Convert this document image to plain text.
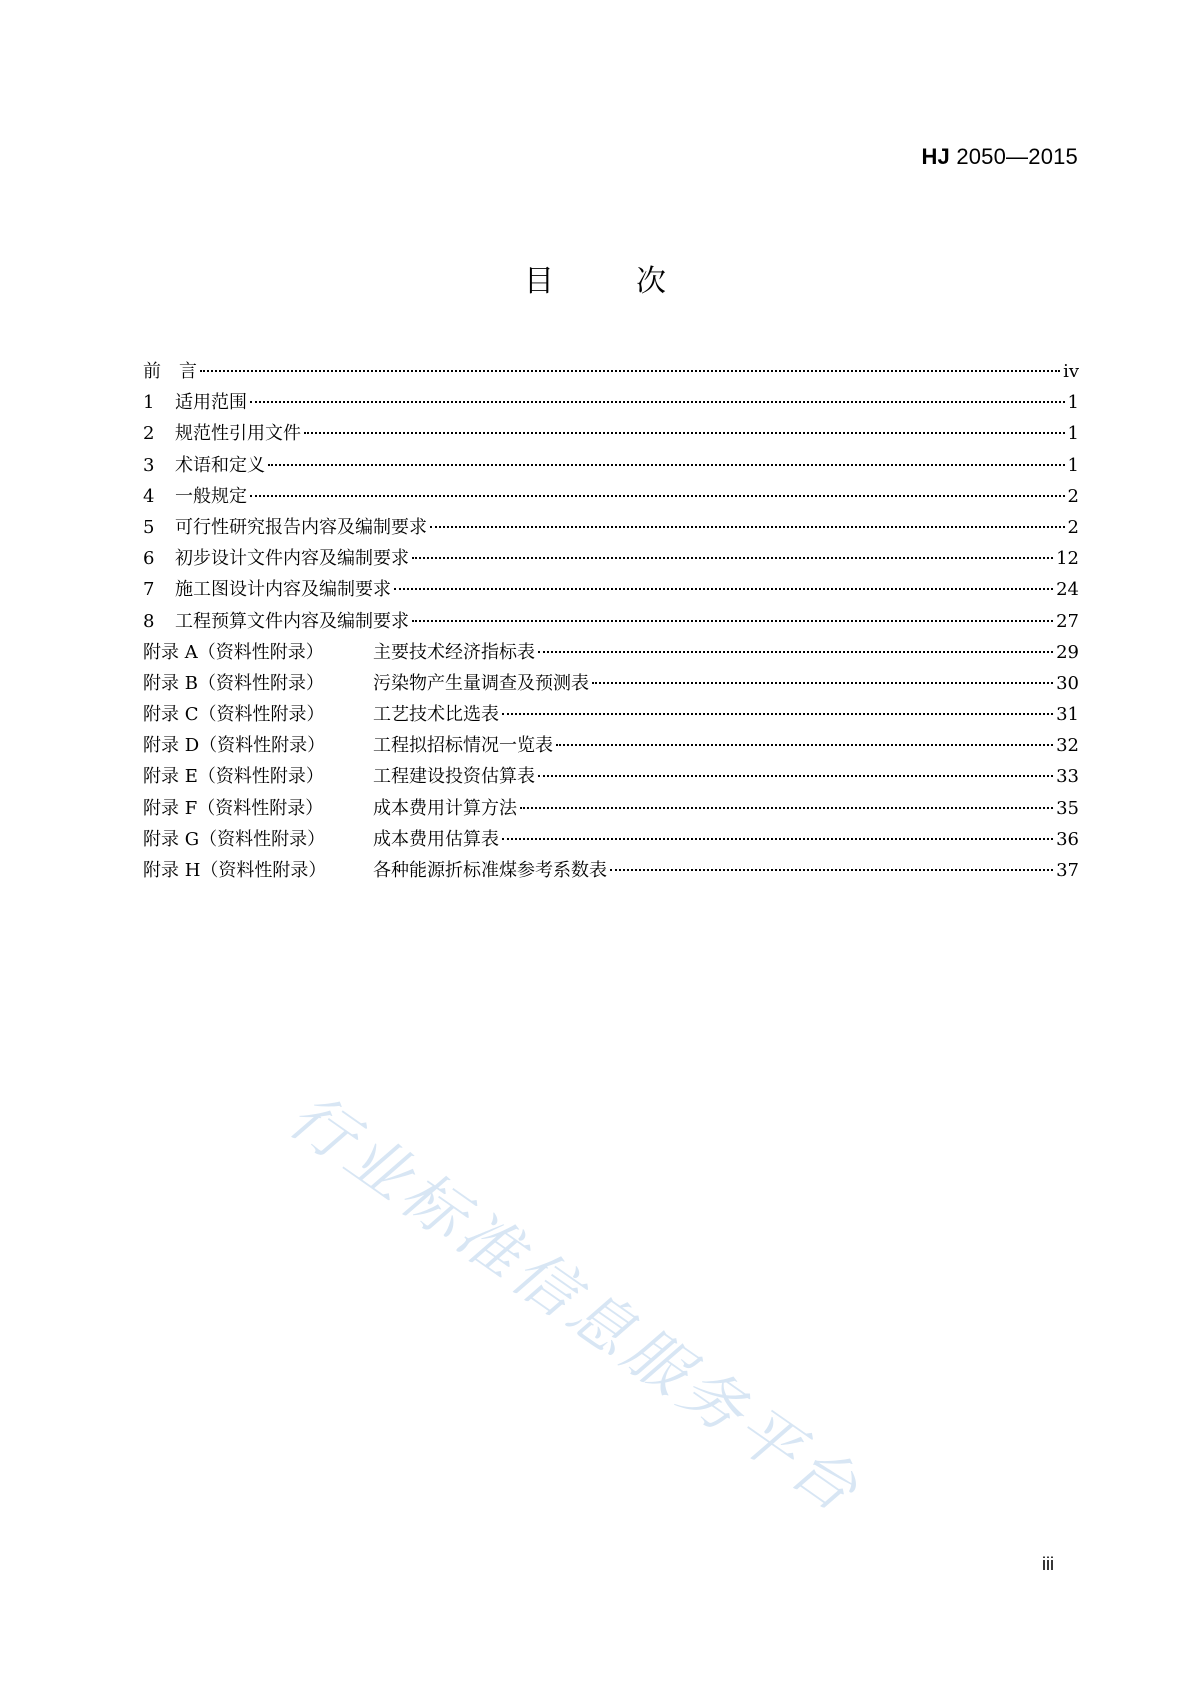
HJ 2050—2015
目	次
前言	iv
1	适用范围	1
2	规范性引用文件	1
3	术语和定义	1
4	一般规定	2
5	可行性研究报告内容及编制要求	2
6	初步设计文件内容及编制要求	12
7	施工图设计内容及编制要求	24
8	工程预算文件内容及编制要求	27
附录 A（资料性附录）	主要技术经济指标表	29
附录 B（资料性附录）	污染物产生量调查及预测表	30
附录 C（资料性附录）	工艺技术比选表	31
附录 D（资料性附录）	工程拟招标情况一览表	32
附录 E（资料性附录）	工程建设投资估算表	33
附录 F（资料性附录）	成本费用计算方法	35
附录 G（资料性附录）	成本费用估算表	36
附录 H（资料性附录）	各种能源折标准煤参考系数表	37
行业标准信息服务平台
iii
